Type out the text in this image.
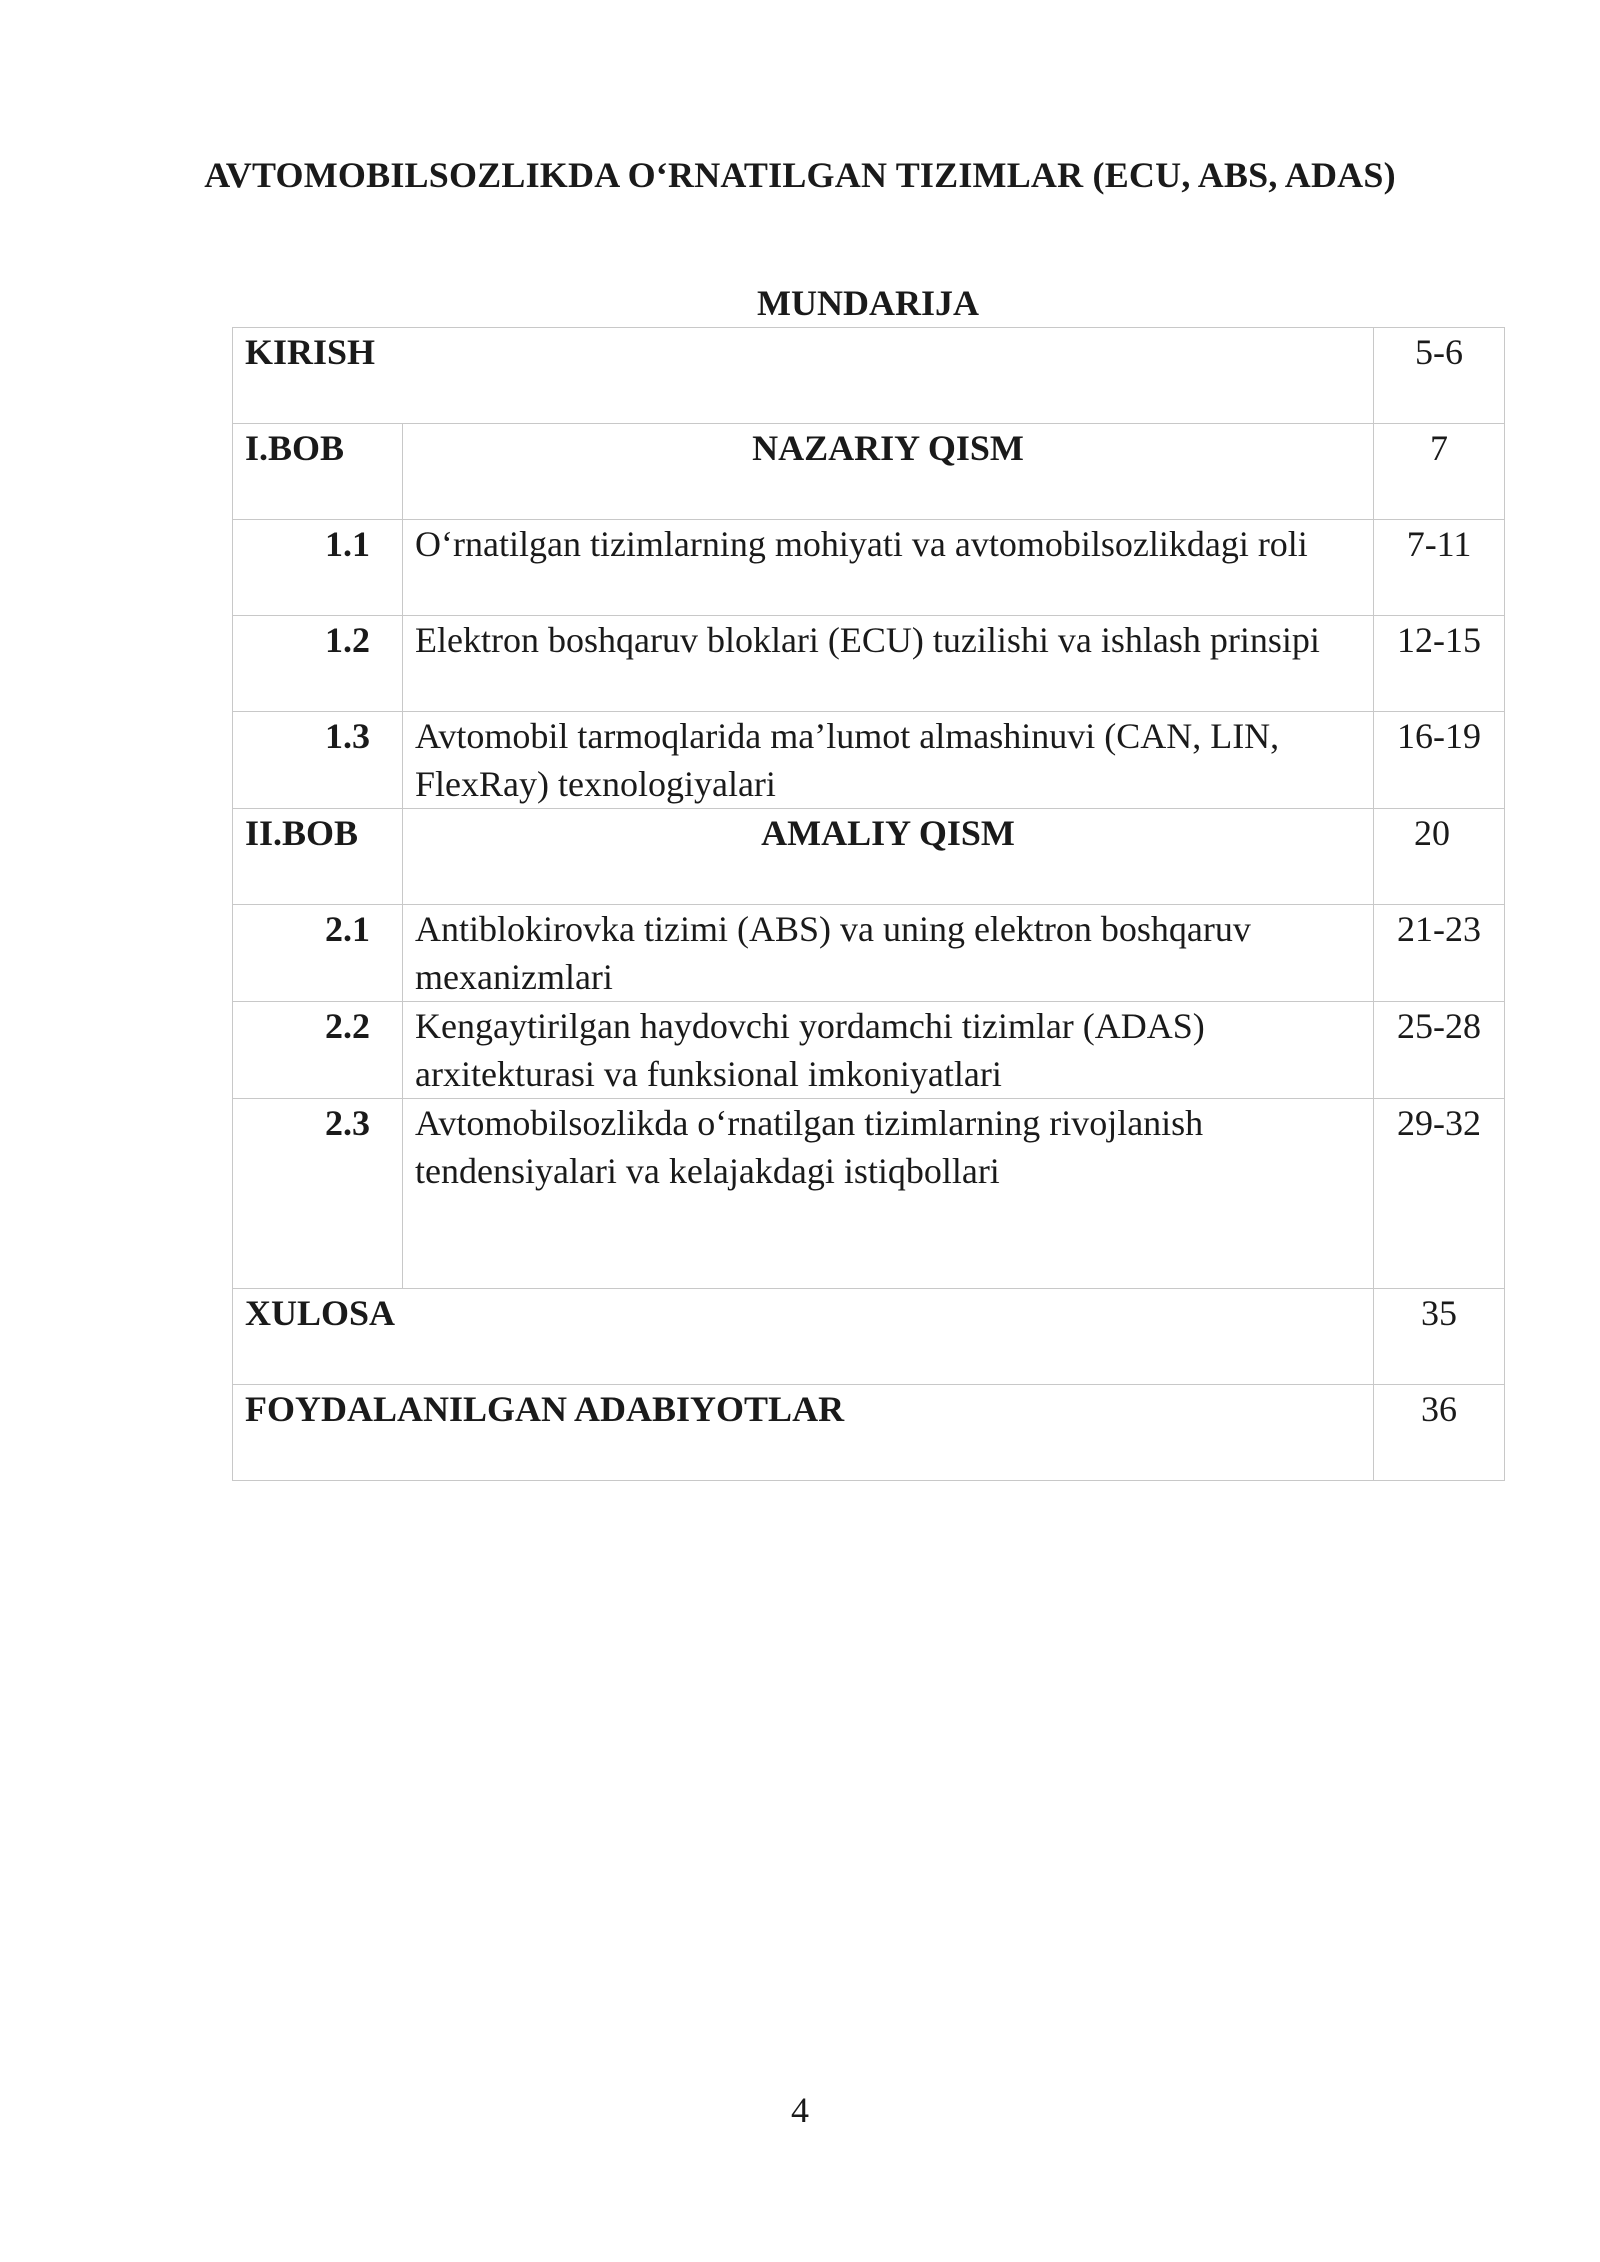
AVTOMOBILSOZLIKDA O‘RNATILGAN TIZIMLAR (ECU, ABS, ADAS)
MUNDARIJA
KIRISH		5-6
I.BOB	NAZARIY QISM	7
1.1	O‘rnatilgan tizimlarning mohiyati va avtomobilsozlikdagi roli	7-11
1.2	Elektron boshqaruv bloklari (ECU) tuzilishi va ishlash prinsipi	12-15
1.3	Avtomobil tarmoqlarida ma’lumot almashinuvi (CAN, LIN, FlexRay) texnologiyalari	16-19
II.BOB	AMALIY QISM	20
2.1	Antiblokirovka tizimi (ABS) va uning elektron boshqaruv mexanizmlari	21-23
2.2	Kengaytirilgan haydovchi yordamchi tizimlar (ADAS) arxitekturasi va funksional imkoniyatlari	25-28
2.3	Avtomobilsozlikda o‘rnatilgan tizimlarning rivojlanish tendensiyalari va kelajakdagi istiqbollari	29-32
XULOSA		35
FOYDALANILGAN ADABIYOTLAR		36
4
